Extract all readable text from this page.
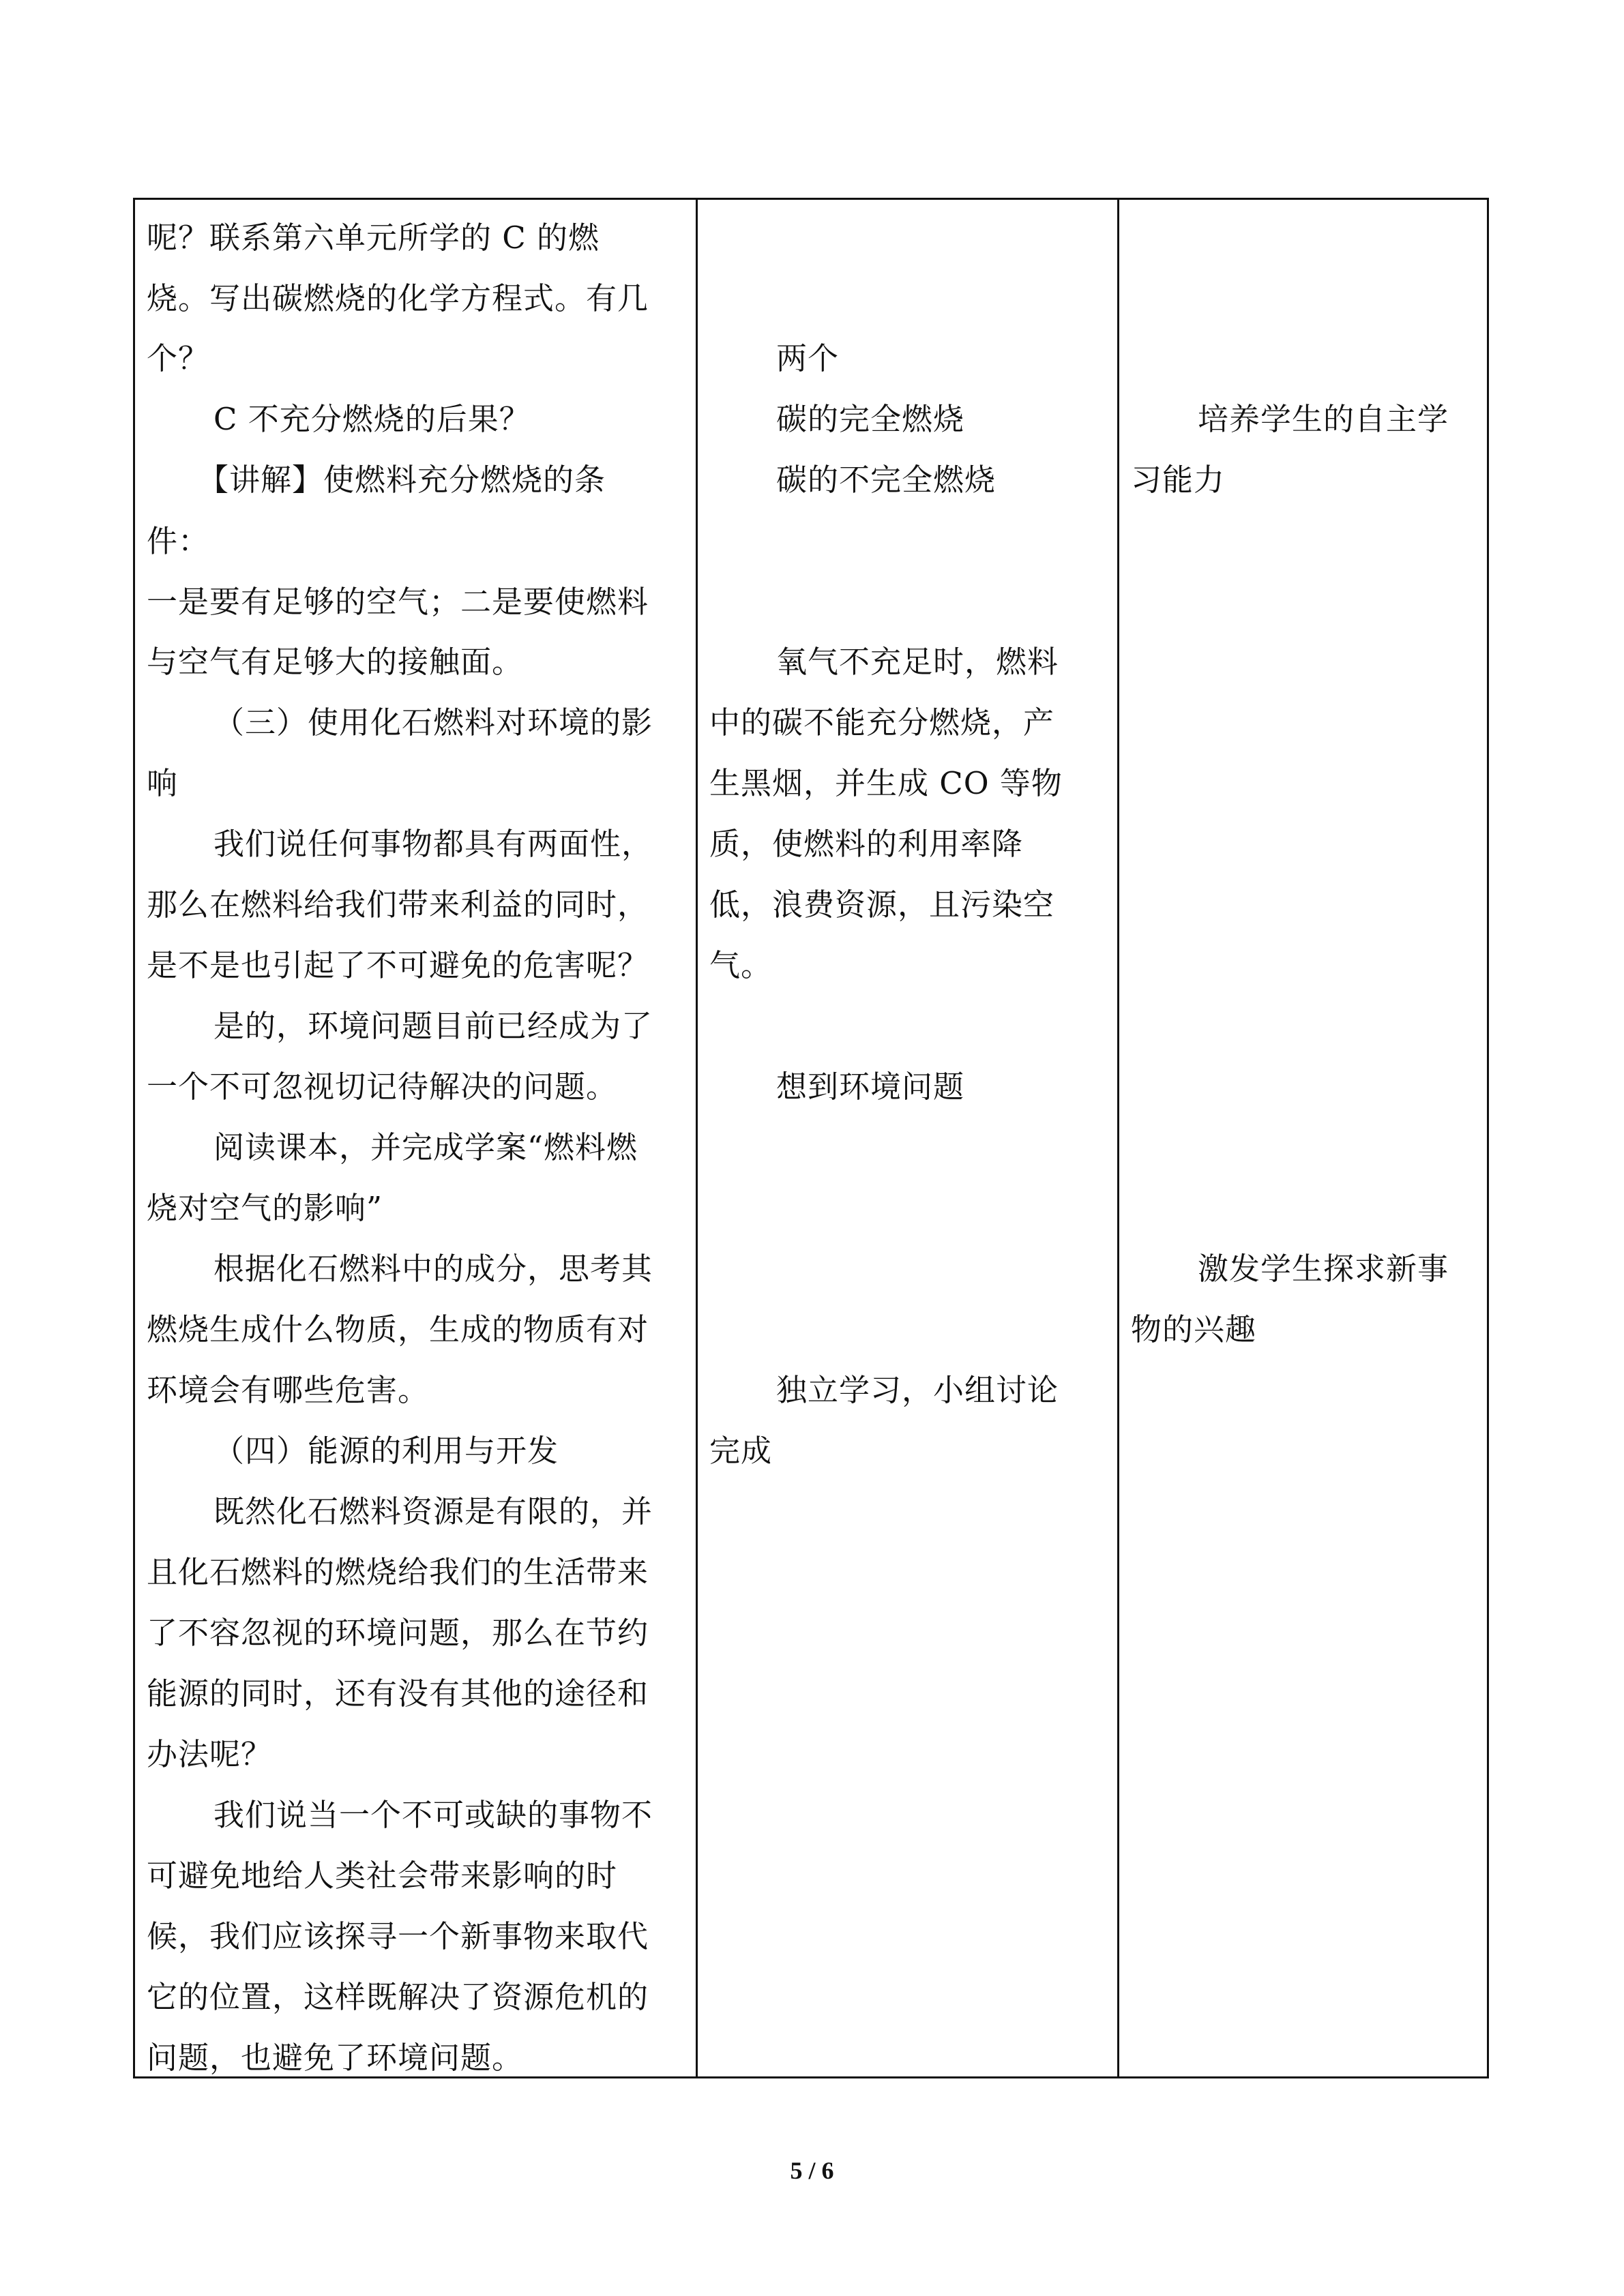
呢？联系第六单元所学的 C 的燃
烧。写出碳燃烧的化学方程式。有几
个？
C 不充分燃烧的后果？
【讲解】使燃料充分燃烧的条
件：
一是要有足够的空气；二是要使燃料
与空气有足够大的接触面。
（三）使用化石燃料对环境的影
响
我们说任何事物都具有两面性，
那么在燃料给我们带来利益的同时，
是不是也引起了不可避免的危害呢？
是的，环境问题目前已经成为了
一个不可忽视切记待解决的问题。
阅读课本，并完成学案“燃料燃
烧对空气的影响”
根据化石燃料中的成分，思考其
燃烧生成什么物质，生成的物质有对
环境会有哪些危害。
（四）能源的利用与开发
既然化石燃料资源是有限的，并
且化石燃料的燃烧给我们的生活带来
了不容忽视的环境问题，那么在节约
能源的同时，还有没有其他的途径和
办法呢？
我们说当一个不可或缺的事物不
可避免地给人类社会带来影响的时
候，我们应该探寻一个新事物来取代
它的位置，这样既解决了资源危机的
问题，也避免了环境问题。
两个
碳的完全燃烧
碳的不完全燃烧
氧气不充足时，燃料
中的碳不能充分燃烧，产
生黑烟，并生成 CO 等物
质，使燃料的利用率降
低，浪费资源，且污染空
气。
想到环境问题
独立学习，小组讨论
完成
培养学生的自主学
习能力
激发学生探求新事
物的兴趣
5 / 6
